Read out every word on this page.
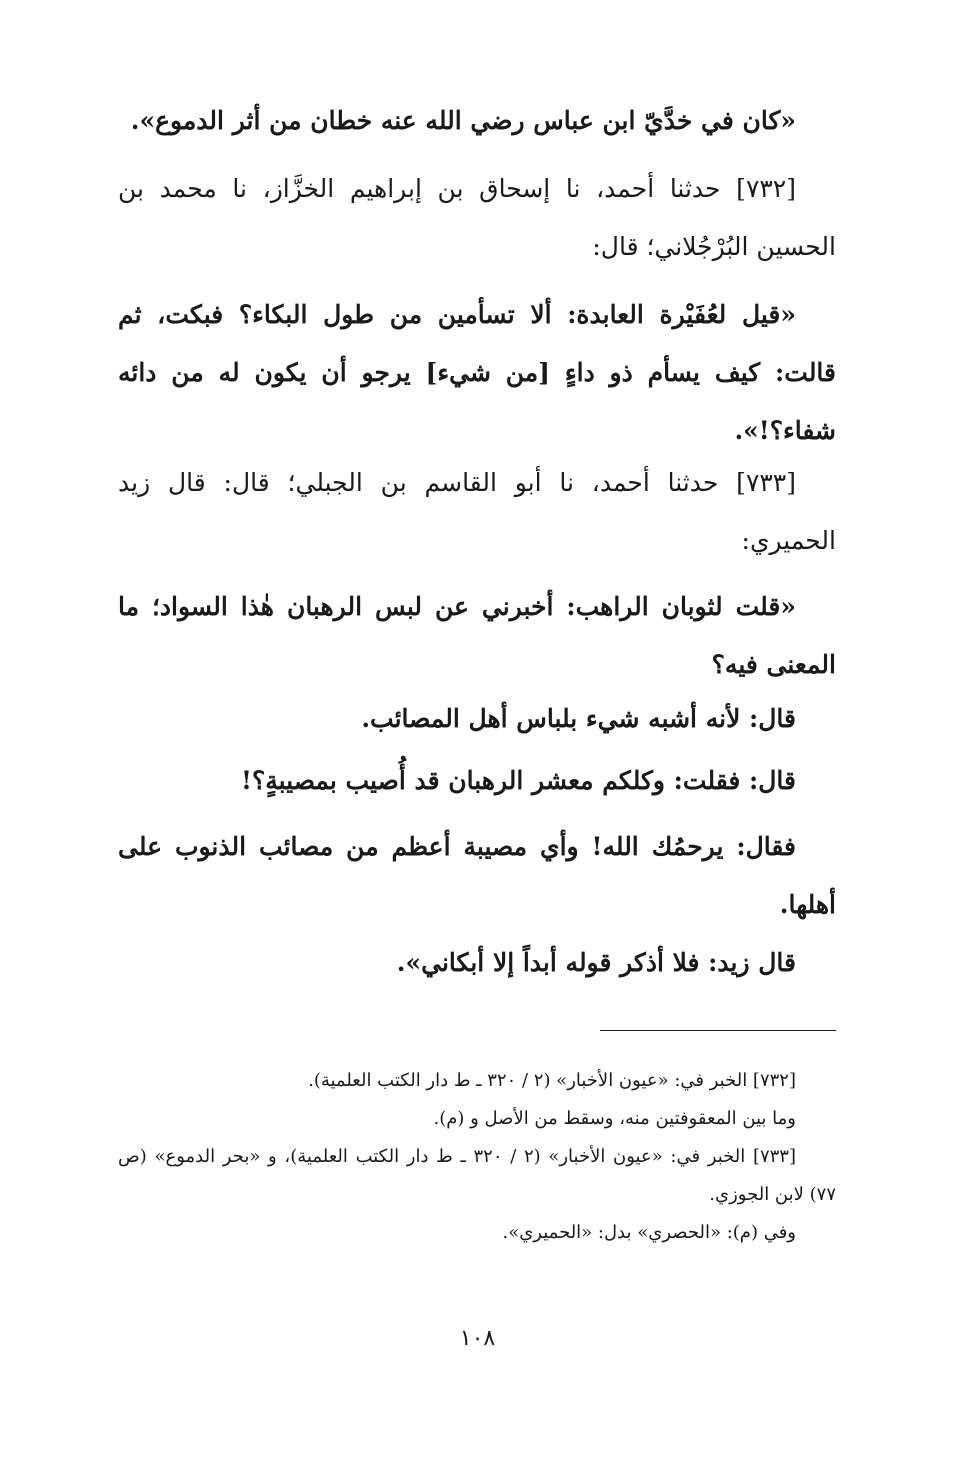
«كان في خدَّيّ ابن عباس رضي الله عنه خطان من أثر الدموع».
[٧٣٢] حدثنا أحمد، نا إسحاق بن إبراهيم الخزَّاز، نا محمد بن الحسين البُرْجُلاني؛ قال:
«قيل لعُفَيْرة العابدة: ألا تسأمين من طول البكاء؟ فبكت، ثم قالت: كيف يسأم ذو داءٍ [من شيء] يرجو أن يكون له من دائه شفاء؟!».
[٧٣٣] حدثنا أحمد، نا أبو القاسم بن الجبلي؛ قال: قال زيد الحميري:
«قلت لثوبان الراهب: أخبرني عن لبس الرهبان هٰذا السواد؛ ما المعنى فيه؟
قال: لأنه أشبه شيء بلباس أهل المصائب.
قال: فقلت: وكلكم معشر الرهبان قد أُصيب بمصيبةٍ؟!
فقال: يرحمُك الله! وأي مصيبة أعظم من مصائب الذنوب على أهلها.
قال زيد: فلا أذكر قوله أبداً إلا أبكاني».
[٧٣٢] الخبر في: «عيون الأخبار» (٢ / ٣٢٠ ـ ط دار الكتب العلمية).
وما بين المعقوفتين منه، وسقط من الأصل و (م).
[٧٣٣] الخبر في: «عيون الأخبار» (٢ / ٣٢٠ ـ ط دار الكتب العلمية)، و «بحر الدموع» (ص ٧٧) لابن الجوزي.
وفي (م): «الحصري» بدل: «الحميري».
١٠٨
